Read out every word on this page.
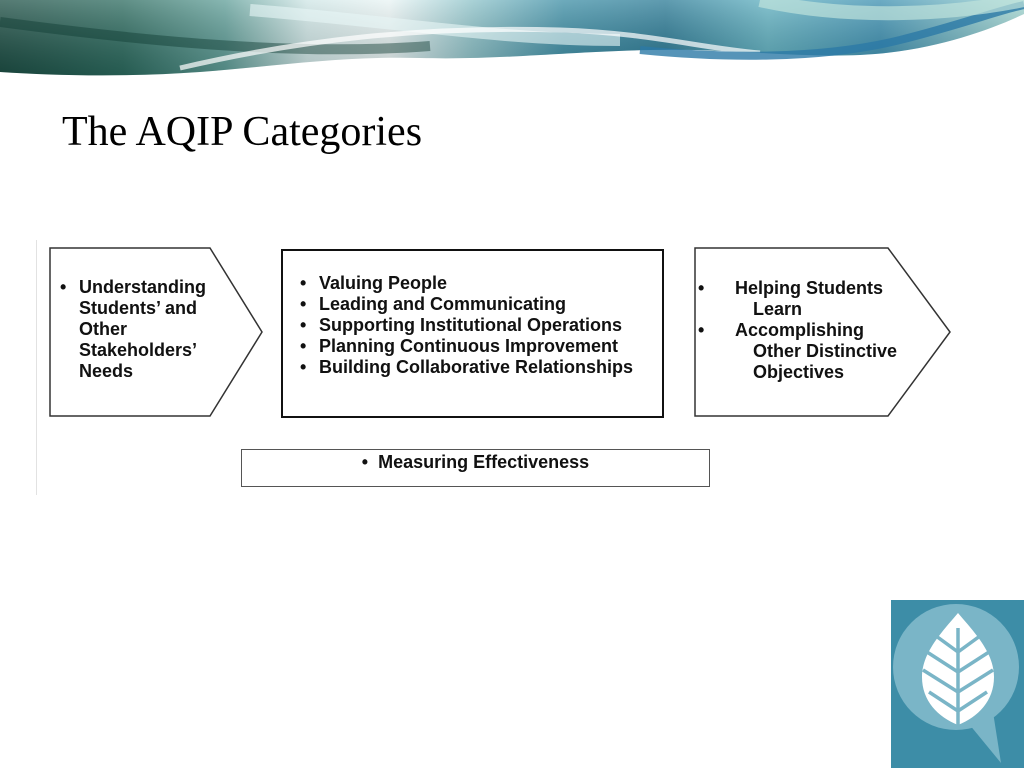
The AQIP Categories
• Understanding Students’ and Other Stakeholders’ Needs
• Valuing People
• Leading and Communicating
• Supporting Institutional Operations
• Planning Continuous Improvement
• Building Collaborative Relationships
Helping Students Learn
Accomplishing Other Distinctive Objectives
• Measuring Effectiveness
